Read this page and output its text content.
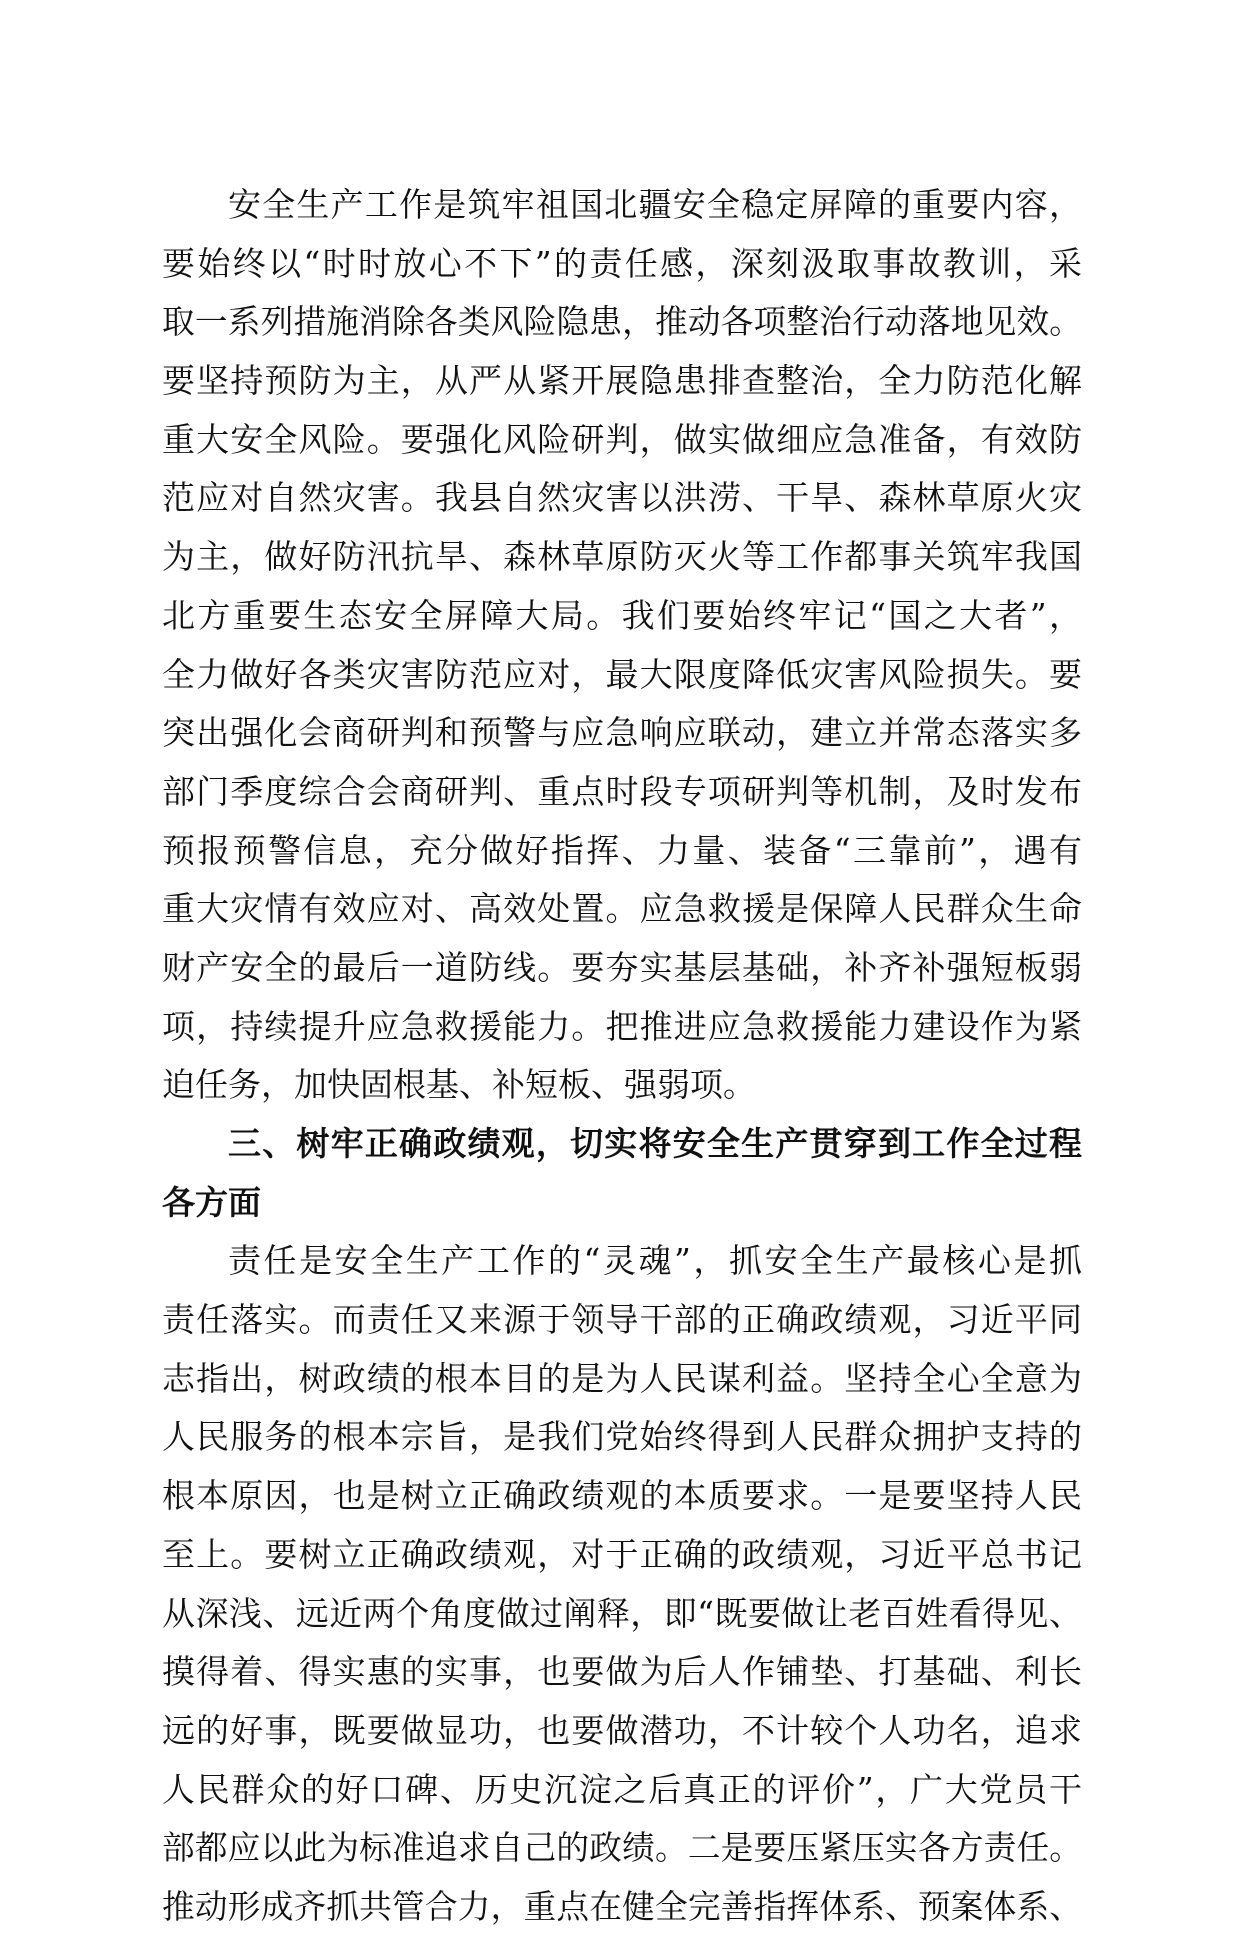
安全生产工作是筑牢祖国北疆安全稳定屏障的重要内容，
要始终以“时时放心不下”的责任感，深刻汲取事故教训，采
取一系列措施消除各类风险隐患，推动各项整治行动落地见效。
要坚持预防为主，从严从紧开展隐患排查整治，全力防范化解
重大安全风险。要强化风险研判，做实做细应急准备，有效防
范应对自然灾害。我县自然灾害以洪涝、干旱、森林草原火灾
为主，做好防汛抗旱、森林草原防灭火等工作都事关筑牢我国
北方重要生态安全屏障大局。我们要始终牢记“国之大者”，
全力做好各类灾害防范应对，最大限度降低灾害风险损失。要
突出强化会商研判和预警与应急响应联动，建立并常态落实多
部门季度综合会商研判、重点时段专项研判等机制，及时发布
预报预警信息，充分做好指挥、力量、装备“三靠前”，遇有
重大灾情有效应对、高效处置。应急救援是保障人民群众生命
财产安全的最后一道防线。要夯实基层基础，补齐补强短板弱
项，持续提升应急救援能力。把推进应急救援能力建设作为紧
迫任务，加快固根基、补短板、强弱项。
三、树牢正确政绩观，切实将安全生产贯穿到工作全过程
各方面
责任是安全生产工作的“灵魂”，抓安全生产最核心是抓
责任落实。而责任又来源于领导干部的正确政绩观，习近平同
志指出，树政绩的根本目的是为人民谋利益。坚持全心全意为
人民服务的根本宗旨，是我们党始终得到人民群众拥护支持的
根本原因，也是树立正确政绩观的本质要求。一是要坚持人民
至上。要树立正确政绩观，对于正确的政绩观，习近平总书记
从深浅、远近两个角度做过阐释，即“既要做让老百姓看得见、
摸得着、得实惠的实事，也要做为后人作铺垫、打基础、利长
远的好事，既要做显功，也要做潜功，不计较个人功名，追求
人民群众的好口碑、历史沉淀之后真正的评价”，广大党员干
部都应以此为标准追求自己的政绩。二是要压紧压实各方责任。
推动形成齐抓共管合力，重点在健全完善指挥体系、预案体系、
